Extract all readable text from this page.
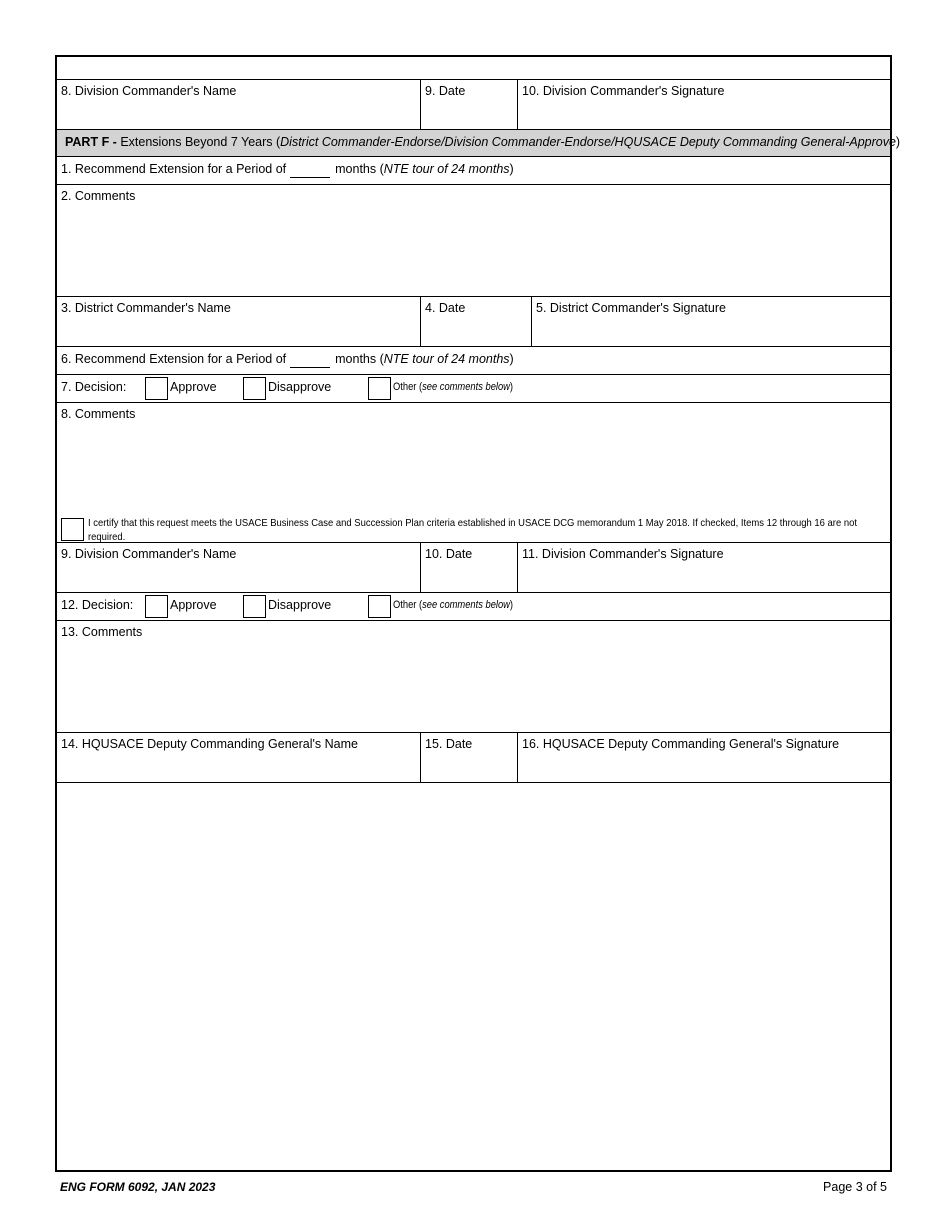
8. Division Commander's Name	9. Date	10. Division Commander's Signature
PART F - Extensions Beyond 7 Years (District Commander-Endorse/Division Commander-Endorse/HQUSACE Deputy Commanding General-Approve)
1. Recommend Extension for a Period of	months (NTE tour of 24 months)
2. Comments
3. District Commander's Name	4. Date	5. District Commander's Signature
6. Recommend Extension for a Period of	months (NTE tour of 24 months)
7. Decision:	Approve	Disapprove	Other (see comments below)
8. Comments
I certify that this request meets the USACE Business Case and Succession Plan criteria established in USACE DCG memorandum 1 May 2018. If checked, Items 12 through 16 are not required.
9. Division Commander's Name	10. Date	11. Division Commander's Signature
12. Decision:	Approve	Disapprove	Other (see comments below)
13. Comments
14. HQUSACE Deputy Commanding General's Name	15. Date	16. HQUSACE Deputy Commanding General's Signature
ENG FORM 6092, JAN 2023	Page 3 of 5
